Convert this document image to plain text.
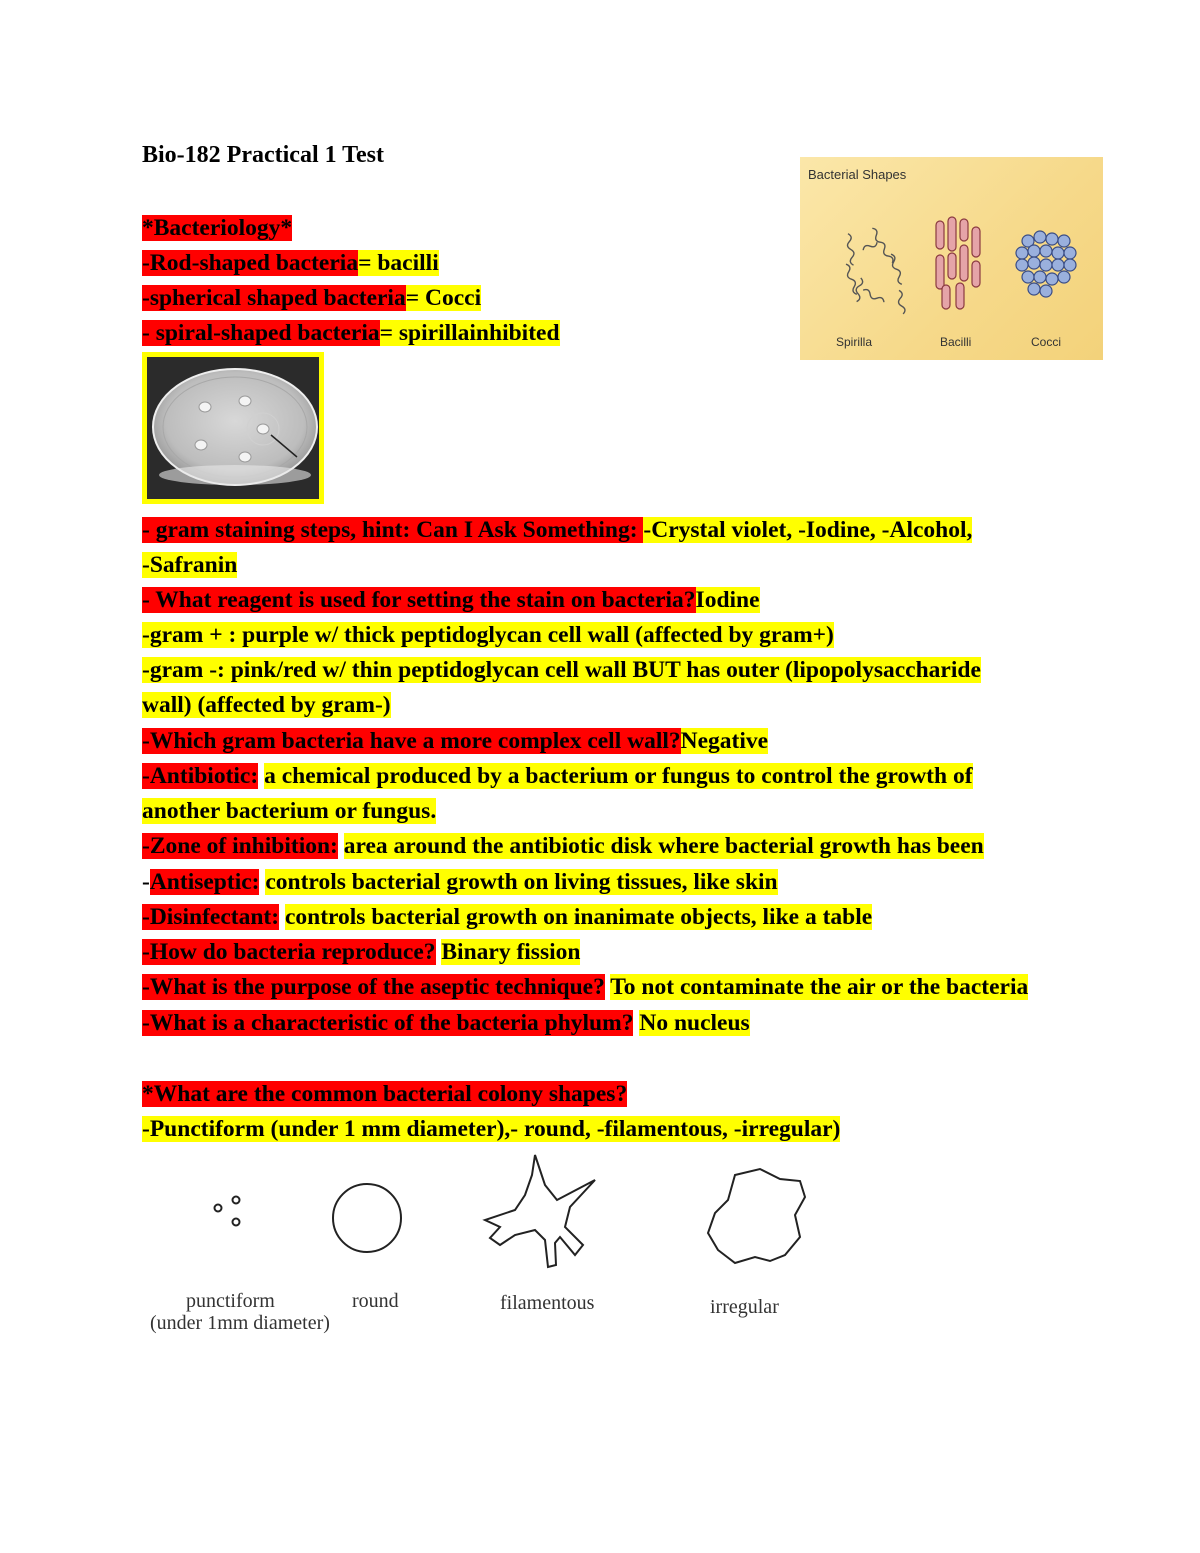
Bio-182 Practical 1 Test
Bacterial Shapes
Spirilla	Bacilli	Cocci
*Bacteriology*
-Rod-shaped bacteria= bacilli
-spherical shaped bacteria= Cocci
- spiral-shaped bacteria= spirillainhibited
- gram staining steps, hint: Can I Ask Something: -Crystal violet, -Iodine, -Alcohol,
-Safranin
- What reagent is used for setting the stain on bacteria?Iodine
-gram + : purple w/ thick peptidoglycan cell wall (affected by gram+)
-gram -: pink/red w/ thin peptidoglycan cell wall BUT has outer (lipopolysaccharide
wall) (affected by gram-)
-Which gram bacteria have a more complex cell wall?Negative
-Antibiotic: a chemical produced by a bacterium or fungus to control the growth of
another bacterium or fungus.
-Zone of inhibition: area around the antibiotic disk where bacterial growth has been
-Antiseptic: controls bacterial growth on living tissues, like skin
-Disinfectant: controls bacterial growth on inanimate objects, like a table
-How do bacteria reproduce? Binary fission
-What is the purpose of the aseptic technique? To not contaminate the air or the bacteria
-What is a characteristic of the bacteria phylum? No nucleus
*What are the common bacterial colony shapes?
-Punctiform (under 1 mm diameter),- round, -filamentous, -irregular)
punctiform
(under 1mm diameter)
round	filamentous	irregular
